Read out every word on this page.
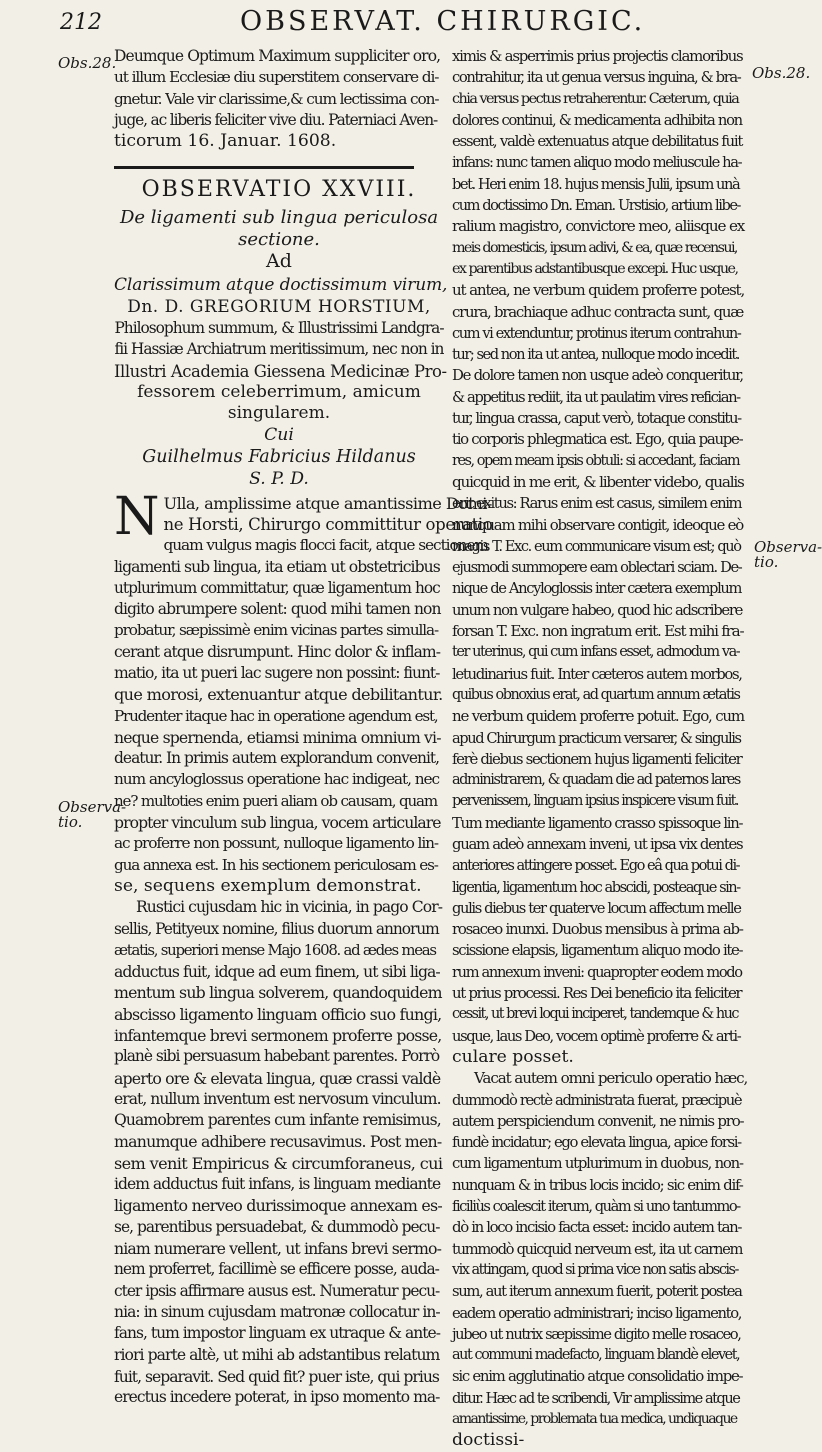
212	OBSERVAT. CHIRURGIC.
Obs.28.
Obs.28.
Observa-tio.
Observa-tio.
Deumque Optimum Maximum suppliciter oro,
ut illum Ecclesiæ diu superstitem conservare di-
gnetur. Vale vir clarissime,& cum lectissima con-
juge, ac liberis feliciter vive diu. Paterniaci Aven-
ticorum 16. Januar. 1608.
OBSERVATIO XXVIII.
De ligamenti sub lingua periculosa
sectione.
Ad
Clarissimum atque doctissimum virum,
Dn. D. GREGORIUM HORSTIUM,
Philosophum summum, & Illustrissimi Landgra-
fii Hassiæ Archiatrum meritissimum, nec non in
Illustri Academia Giessena Medicinæ Pro-
fessorem celeberrimum, amicum
singularem.
Cui
Guilhelmus Fabricius Hildanus
S. P. D.
N Ulla, amplissime atque amantissime Domi-
ne Horsti, Chirurgo committitur operatio
quam vulgus magis flocci facit, atque sectionem
ligamenti sub lingua, ita etiam ut obstetricibus
utplurimum committatur, quæ ligamentum hoc
digito abrumpere solent: quod mihi tamen non
probatur, sæpissimè enim vicinas partes simulla-
cerant atque disrumpunt. Hinc dolor & inflam-
matio, ita ut pueri lac sugere non possint: fiunt-
que morosi, extenuantur atque debilitantur.
Prudenter itaque hac in operatione agendum est,
neque spernenda, etiamsi minima omnium vi-
deatur. In primis autem explorandum convenit,
num ancyloglossus operatione hac indigeat, nec
ne? multoties enim pueri aliam ob causam, quam
propter vinculum sub lingua, vocem articulare
ac proferre non possunt, nulloque ligamento lin-
gua annexa est. In his sectionem periculosam es-
se, sequens exemplum demonstrat.
Rustici cujusdam hic in vicinia, in pago Cor-
sellis, Petityeux nomine, filius duorum annorum
ætatis, superiori mense Majo 1608. ad ædes meas
adductus fuit, idque ad eum finem, ut sibi liga-
mentum sub lingua solverem, quandoquidem
abscisso ligamento linguam officio suo fungi,
infantemque brevi sermonem proferre posse,
planè sibi persuasum habebant parentes. Porrò
aperto ore & elevata lingua, quæ crassi valdè
erat, nullum inventum est nervosum vinculum.
Quamobrem parentes cum infante remisimus,
manumque adhibere recusavimus. Post men-
sem venit Empiricus & circumforaneus, cui
idem adductus fuit infans, is linguam mediante
ligamento nerveo durissimoque annexam es-
se, parentibus persuadebat, & dummodò pecu-
niam numerare vellent, ut infans brevi sermo-
nem proferret, facillimè se efficere posse, auda-
cter ipsis affirmare ausus est. Numeratur pecu-
nia: in sinum cujusdam matronæ collocatur in-
fans, tum impostor linguam ex utraque & ante-
riori parte altè, ut mihi ab adstantibus relatum
fuit, separavit. Sed quid fit? puer iste, qui prius
erectus incedere poterat, in ipso momento ma-
ximis & asperrimis prius projectis clamoribus
contrahitur, ita ut genua versus inguina, & bra-
chia versus pectus retraherentur. Cæterum, quia
dolores continui, & medicamenta adhibita non
essent, valdè extenuatus atque debilitatus fuit
infans: nunc tamen aliquo modo meliuscule ha-
bet. Heri enim 18. hujus mensis Julii, ipsum unà
cum doctissimo Dn. Eman. Urstisio, artium libe-
ralium magistro, convictore meo, aliisque ex
meis domesticis, ipsum adivi, & ea, quæ recensui,
ex parentibus adstantibusque excepi. Huc usque,
ut antea, ne verbum quidem proferre potest,
crura, brachiaque adhuc contracta sunt, quæ
cum vi extenduntur, protinus iterum contrahun-
tur; sed non ita ut antea, nulloque modo incedit.
De dolore tamen non usque adeò conqueritur,
& appetitus rediit, ita ut paulatim vires refician-
tur, lingua crassa, caput verò, totaque constitu-
tio corporis phlegmatica est. Ego, quia paupe-
res, opem meam ipsis obtuli: si accedant, faciam
quicquid in me erit, & libenter videbo, qualis
erit exitus: Rarus enim est casus, similem enim
nunquam mihi observare contigit, ideoque eò
magis T. Exc. eum communicare visum est; quò
ejusmodi summopere eam oblectari sciam. De-
nique de Ancyloglossis inter cætera exemplum
unum non vulgare habeo, quod hic adscribere
forsan T. Exc. non ingratum erit. Est mihi fra-
ter uterinus, qui cum infans esset, admodum va-
letudinarius fuit. Inter cæteros autem morbos,
quibus obnoxius erat, ad quartum annum ætatis
ne verbum quidem proferre potuit. Ego, cum
apud Chirurgum practicum versarer, & singulis
ferè diebus sectionem hujus ligamenti feliciter
administrarem, & quadam die ad paternos lares
pervenissem, linguam ipsius inspicere visum fuit.
Tum mediante ligamento crasso spissoque lin-
guam adeò annexam inveni, ut ipsa vix dentes
anteriores attingere posset. Ego eâ qua potui di-
ligentia, ligamentum hoc abscidi, posteaque sin-
gulis diebus ter quaterve locum affectum melle
rosaceo inunxi. Duobus mensibus à prima ab-
scissione elapsis, ligamentum aliquo modo ite-
rum annexum inveni: quapropter eodem modo
ut prius processi. Res Dei beneficio ita feliciter
cessit, ut brevi loqui inciperet, tandemque & huc
usque, laus Deo, vocem optimè proferre & arti-
culare posset.
Vacat autem omni periculo operatio hæc,
dummodò rectè administrata fuerat, præcipuè
autem perspiciendum convenit, ne nimis pro-
fundè incidatur; ego elevata lingua, apice forsi-
cum ligamentum utplurimum in duobus, non-
nunquam & in tribus locis incido; sic enim dif-
ficiliùs coalescit iterum, quàm si uno tantummo-
dò in loco incisio facta esset: incido autem tan-
tummodò quicquid nerveum est, ita ut carnem
vix attingam, quod si prima vice non satis abscis-
sum, aut iterum annexum fuerit, poterit postea
eadem operatio administrari; inciso ligamento,
jubeo ut nutrix sæpissime digito melle rosaceo,
aut communi madefacto, linguam blandè elevet,
sic enim agglutinatio atque consolidatio impe-
ditur. Hæc ad te scribendi, Vir amplissime atque
amantissime, problemata tua medica, undiquaque
doctissi-
